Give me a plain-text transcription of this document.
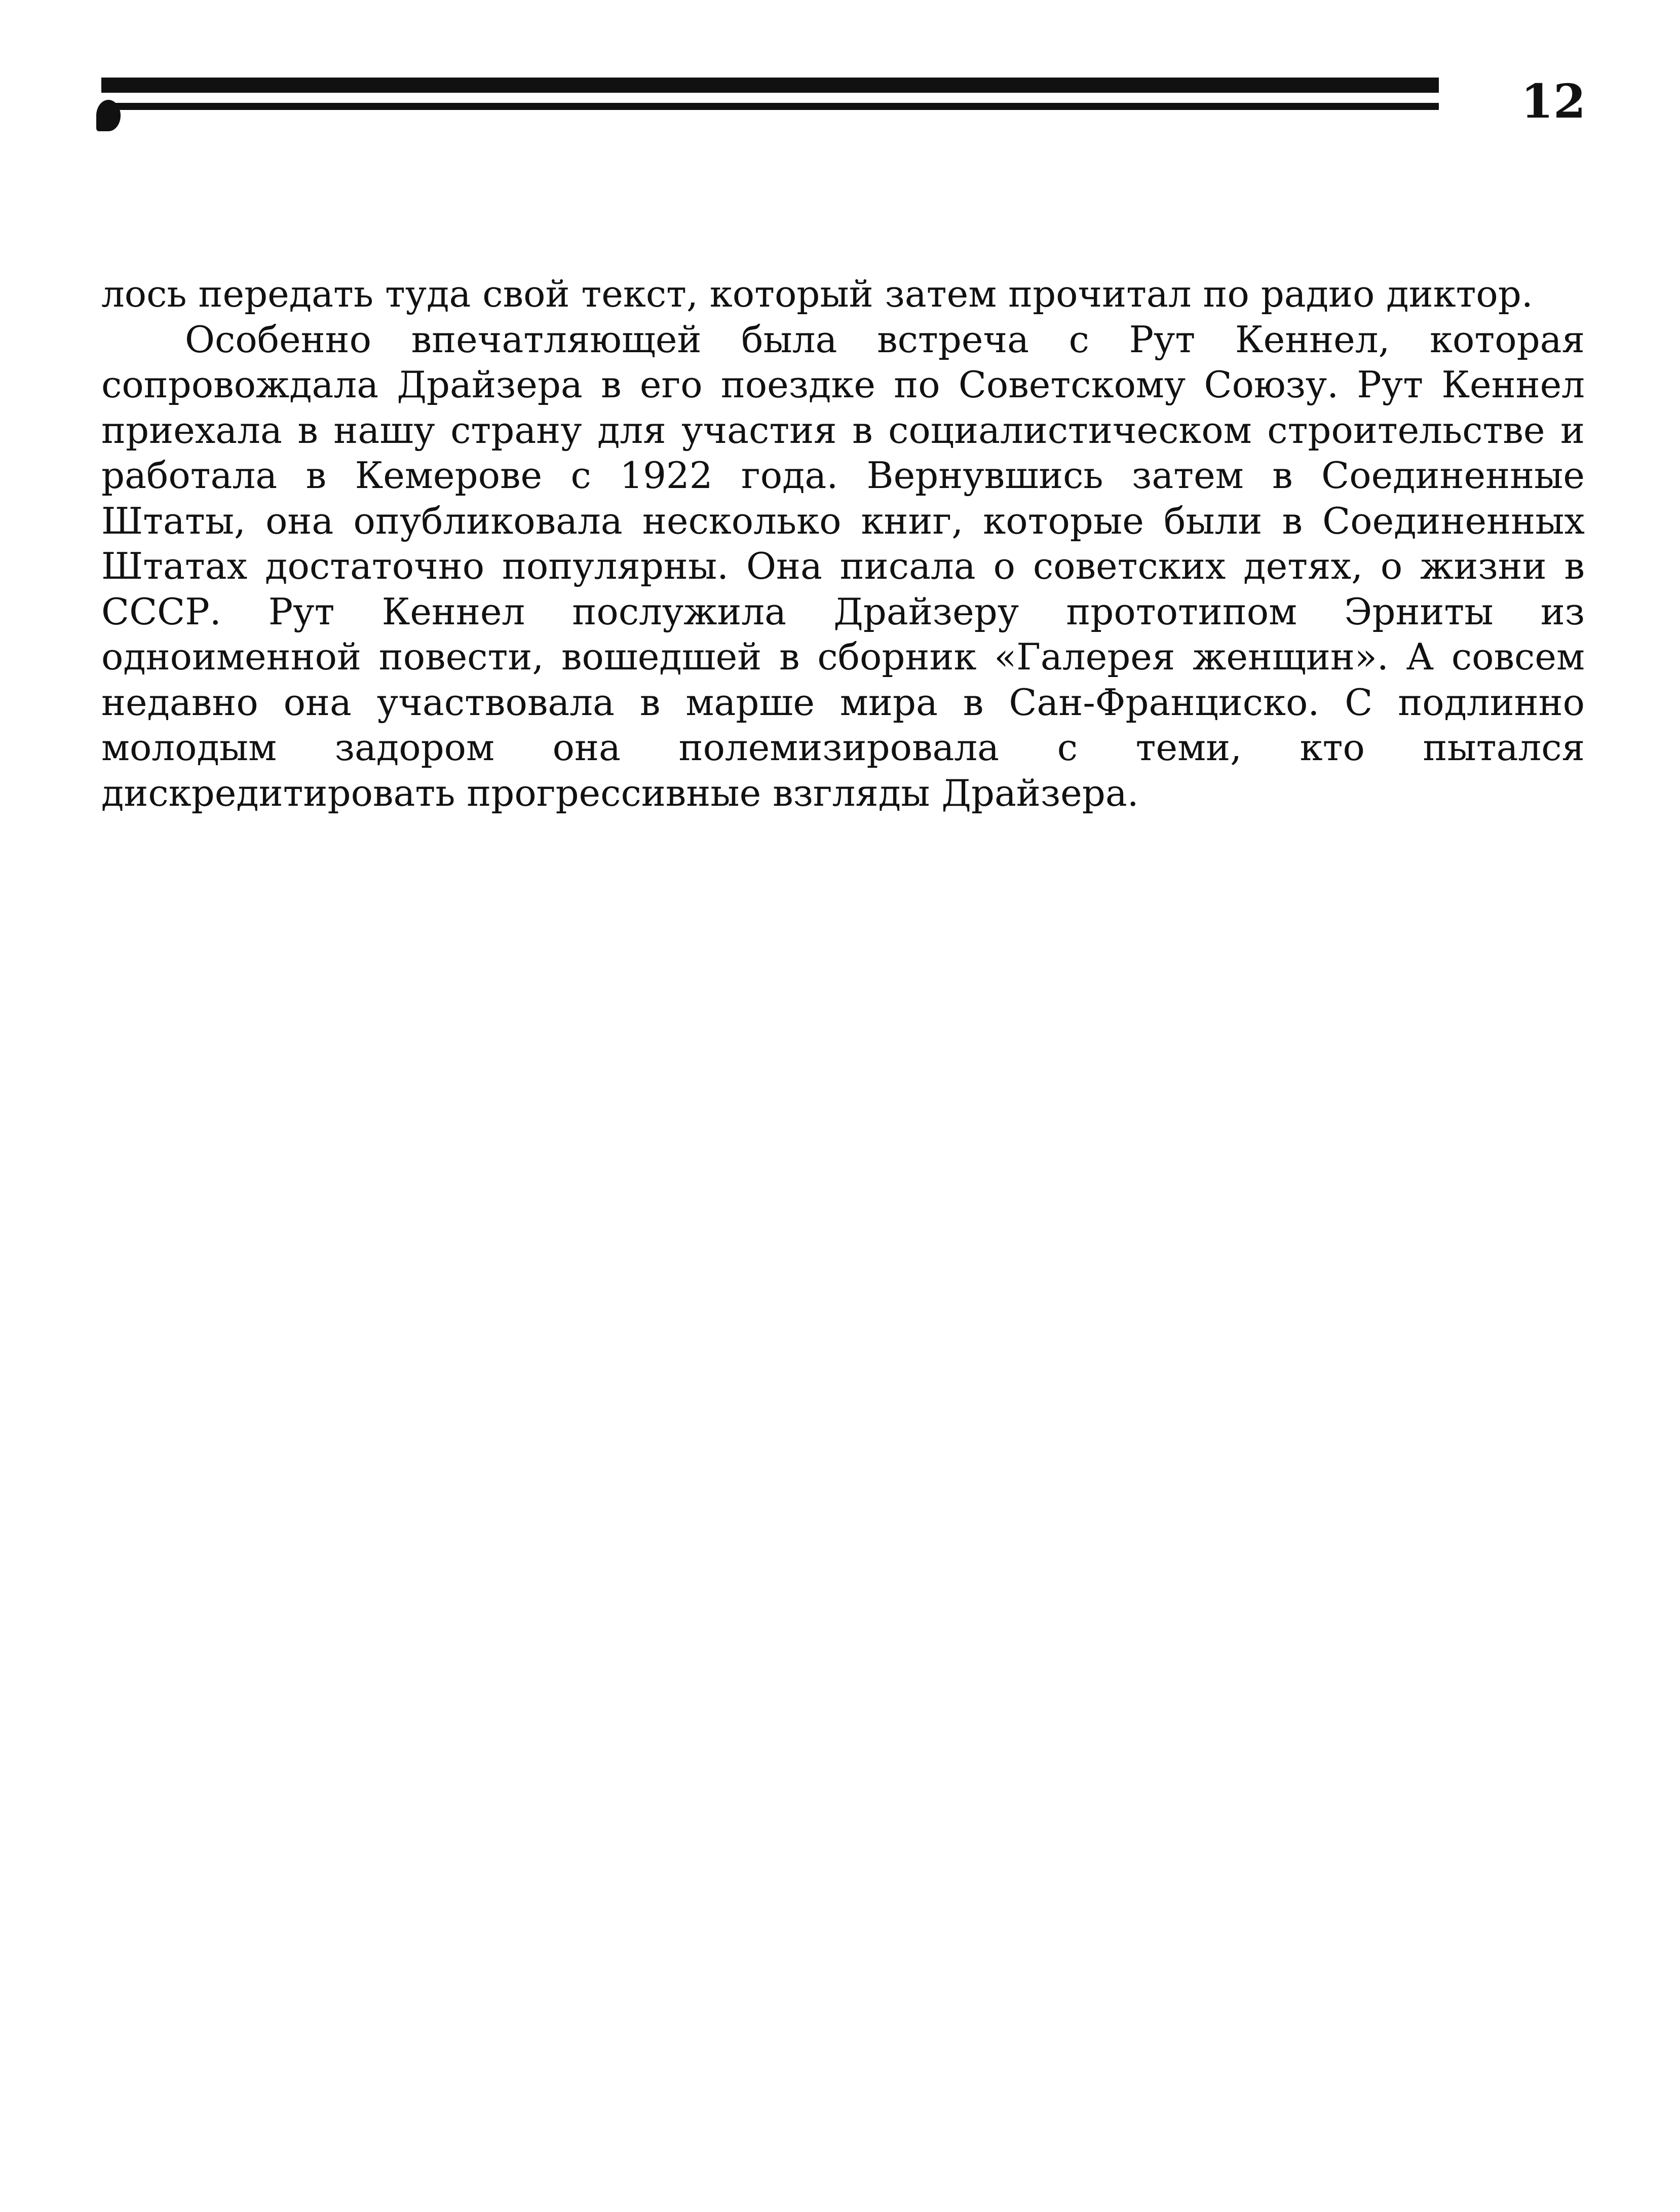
12

лось передать туда свой текст, который затем прочитал по радио диктор.

Особенно впечатляющей была встреча с Рут Кеннел, которая сопровождала Драйзера в его поездке по Советскому Союзу. Рут Кеннел приехала в нашу страну для участия в социалистическом строительстве и работала в Кемерове с 1922 года. Вернувшись затем в Соединенные Штаты, она опубликовала несколько книг, которые были в Соединенных Штатах достаточно популярны. Она писала о советских детях, о жизни в СССР. Рут Кеннел послужила Драйзеру прототипом Эрниты из одноименной повести, вошедшей в сборник «Галерея женщин». А совсем недавно она участвовала в марше мира в Сан-Франциско. С подлинно молодым задором она полемизировала с теми, кто пытался дискредитировать прогрессивные взгляды Драйзера.
